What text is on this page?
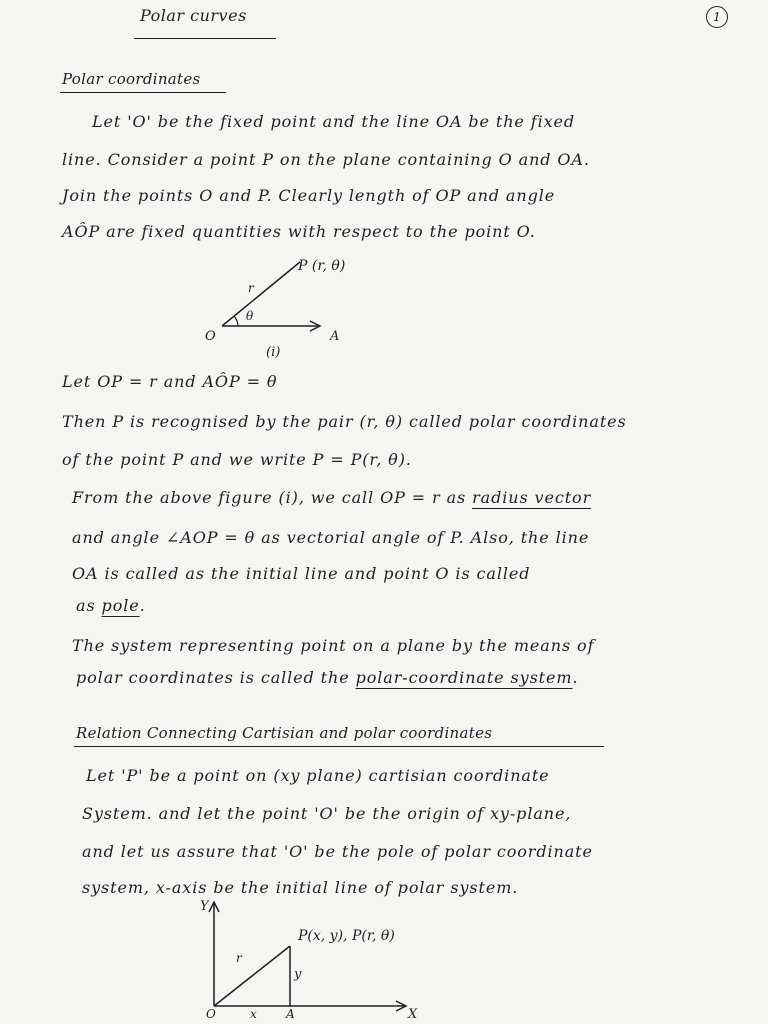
Polar curves	1
Polar coordinates
Let 'O' be the fixed point and the line OA be the fixed
line. Consider a point P on the plane containing O and OA.
Join the points O and P. Clearly length of OP and angle
AÔP are fixed quantities with respect to the point O.
P (r, θ)
r
θ
O	A
(i)
Let OP = r and AÔP = θ
Then P is recognised by the pair (r, θ) called polar coordinates
of the point P and we write P = P(r, θ).
From the above figure (i), we call OP = r as radius vector
and angle ∠AOP = θ as vectorial angle of P. Also, the line
OA is called as the initial line and point O is called
as pole.
The system representing point on a plane by the means of
polar coordinates is called the polar-coordinate system.
Relation Connecting Cartisian and polar coordinates
Let 'P' be a point on (xy plane) cartisian coordinate
System. and let the point 'O' be the origin of xy-plane,
and let us assure that 'O' be the pole of polar coordinate
system, x-axis be the initial line of polar system.
Y
X
P(x, y), P(r, θ)
r
y
x
O	A
